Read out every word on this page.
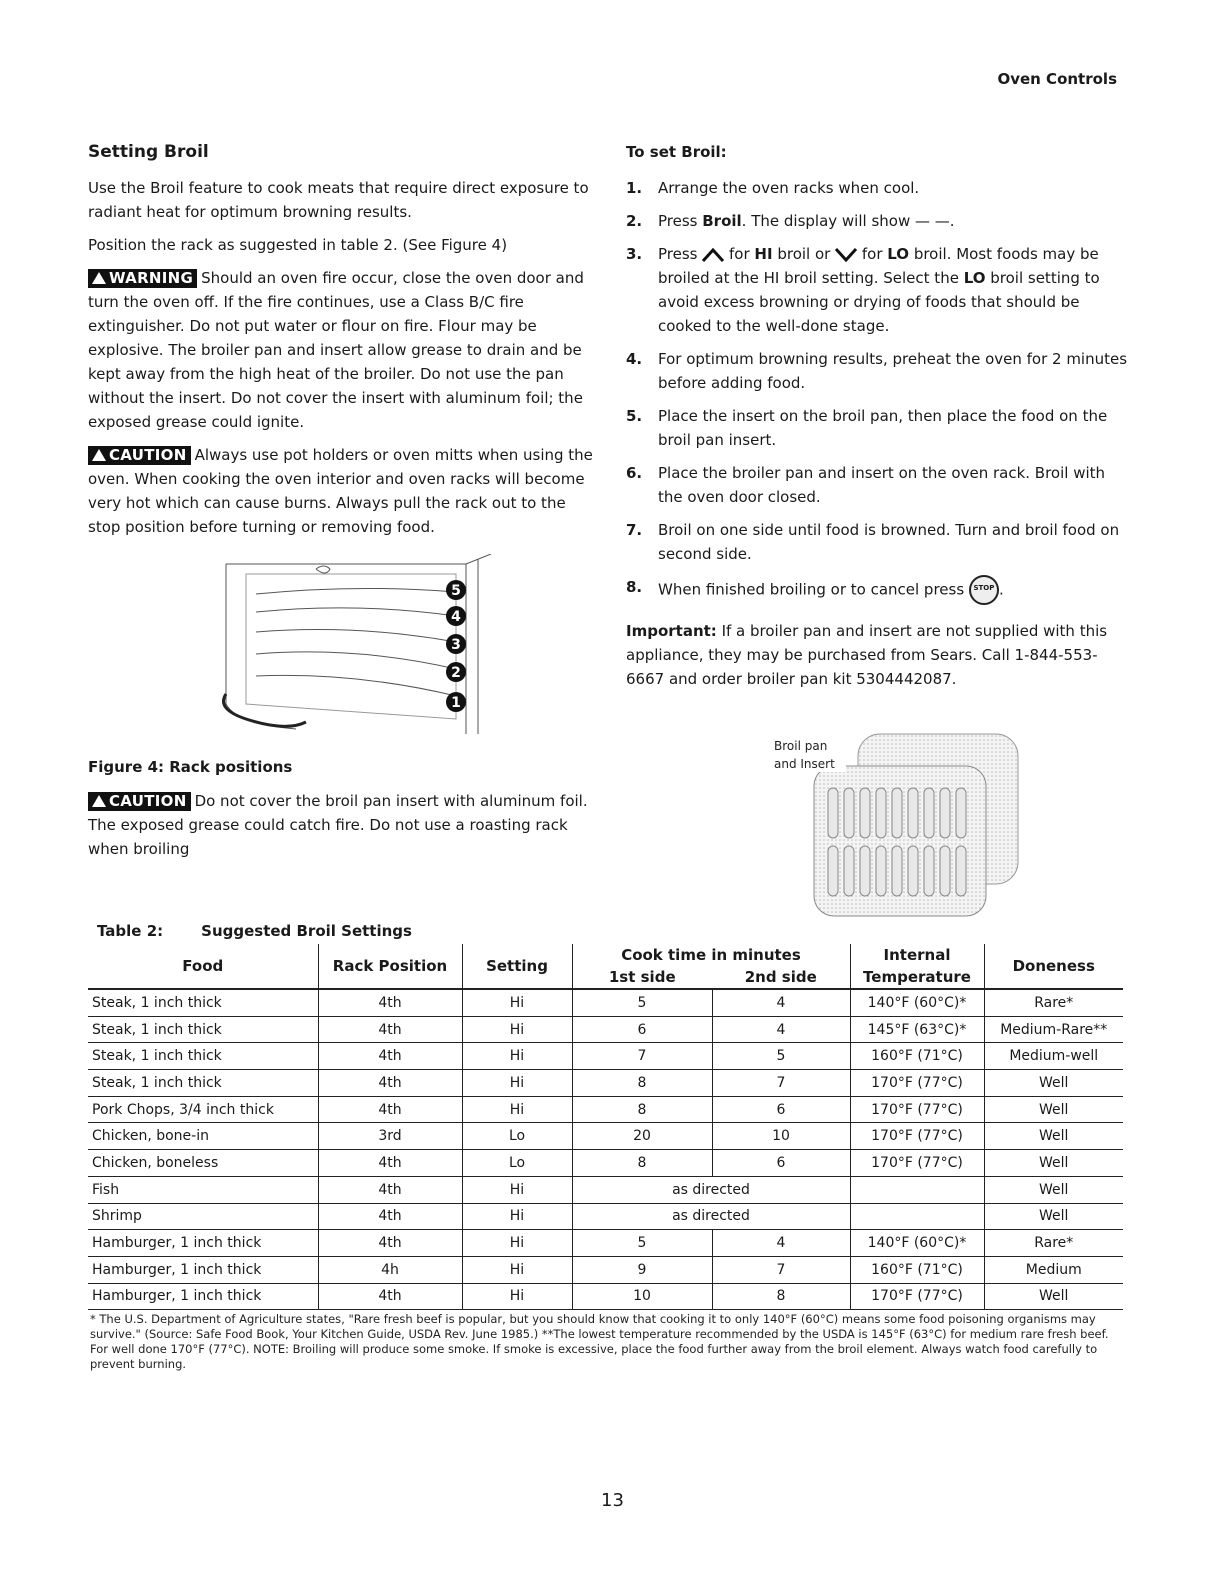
Oven Controls
Setting Broil

Use the Broil feature to cook meats that require direct exposure to radiant heat for optimum browning results.

Position the rack as suggested in table 2. (See Figure 4)

WARNING Should an oven fire occur, close the oven door and turn the oven off. If the fire continues, use a Class B/C fire extinguisher. Do not put water or flour on fire. Flour may be explosive. The broiler pan and insert allow grease to drain and be kept away from the high heat of the broiler. Do not use the pan without the insert. Do not cover the insert with aluminum foil; the exposed grease could ignite.

CAUTION Always use pot holders or oven mitts when using the oven. When cooking the oven interior and oven racks will become very hot which can cause burns. Always pull the rack out to the stop position before turning or removing food.

5
4
3
2
1
Figure 4: Rack positions

CAUTION Do not cover the broil pan insert with aluminum foil. The exposed grease could catch fire. Do not use a roasting rack when broiling

To set Broil:
1.	Arrange the oven racks when cool.
2.	Press Broil. The display will show — —.
3.	Press  for HI broil or  for LO broil. Most foods may be broiled at the HI broil setting. Select the LO broil setting to avoid excess browning or drying of foods that should be cooked to the well-done stage.
4.	For optimum browning results, preheat the oven for 2 minutes before adding food.
5.	Place the insert on the broil pan, then place the food on the broil pan insert.
6.	Place the broiler pan and insert on the oven rack. Broil with the oven door closed.
7.	Broil on one side until food is browned. Turn and broil food on second side.
8.	When finished broiling or to cancel press STOP .

Important: If a broiler pan and insert are not supplied with this appliance, they may be purchased from Sears. Call 1-844-553-6667 and order broiler pan kit 5304442087.

Broil pan
and Insert
Table 2:	Suggested Broil Settings
Food	Rack Position	Setting	Cook time in minutes		Internal	Doneness
			1st side	2nd side	Temperature	
Steak, 1 inch thick	4th	Hi	5	4	140°F (60°C)*	Rare*
Steak, 1 inch thick	4th	Hi	6	4	145°F (63°C)*	Medium-Rare**
Steak, 1 inch thick	4th	Hi	7	5	160°F (71°C)	Medium-well
Steak, 1 inch thick	4th	Hi	8	7	170°F (77°C)	Well
Pork Chops, 3/4 inch thick	4th	Hi	8	6	170°F (77°C)	Well
Chicken, bone-in	3rd	Lo	20	10	170°F (77°C)	Well
Chicken, boneless	4th	Lo	8	6	170°F (77°C)	Well
Fish	4th	Hi	as directed			Well
Shrimp	4th	Hi	as directed			Well
Hamburger, 1 inch thick	4th	Hi	5	4	140°F (60°C)*	Rare*
Hamburger, 1 inch thick	4h	Hi	9	7	160°F (71°C)	Medium
Hamburger, 1 inch thick	4th	Hi	10	8	170°F (77°C)	Well
* The U.S. Department of Agriculture states, "Rare fresh beef is popular, but you should know that cooking it to only 140°F (60°C) means some food poisoning organisms may survive." (Source: Safe Food Book, Your Kitchen Guide, USDA Rev. June 1985.) **The lowest temperature recommended by the USDA is 145°F (63°C) for medium rare fresh beef. For well done 170°F (77°C). NOTE: Broiling will produce some smoke. If smoke is excessive, place the food further away from the broil element. Always watch food carefully to prevent burning.
13
